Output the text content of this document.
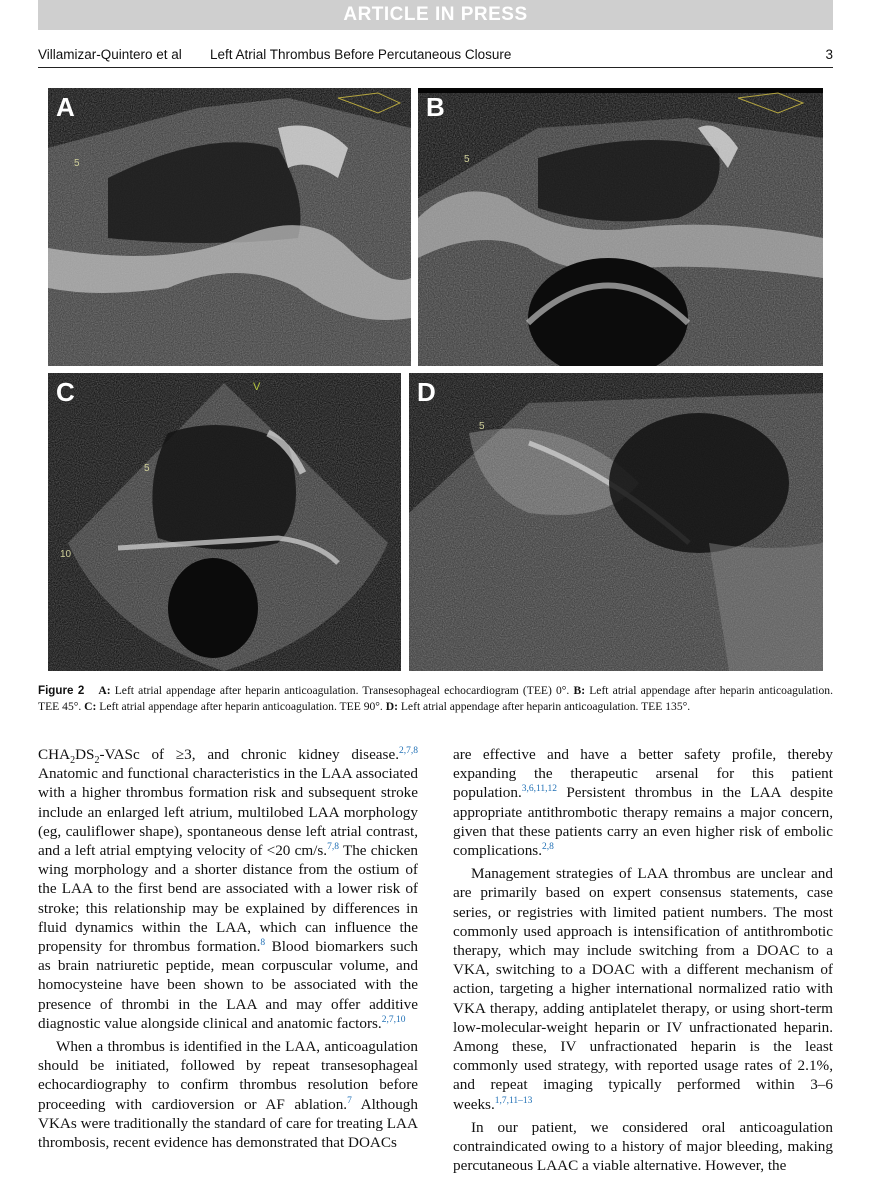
ARTICLE IN PRESS
Villamizar-Quintero et al Left Atrial Thrombus Before Percutaneous Closure	3
A
5
B
5
C	V
5
10
D
5
Figure 2 A: Left atrial appendage after heparin anticoagulation. Transesophageal echocardiogram (TEE) 0°. B: Left atrial appendage after heparin anticoagulation. TEE 45°. C: Left atrial appendage after heparin anticoagulation. TEE 90°. D: Left atrial appendage after heparin anticoagulation. TEE 135°.

$CHA_2DS_2$-VASc of ≥3, and chronic kidney disease.$^{2,7,8}$ Anatomic and functional characteristics in the LAA associated with a higher thrombus formation risk and subsequent stroke include an enlarged left atrium, multilobed LAA morphology (eg, cauliflower shape), spontaneous dense left atrial contrast, and a left atrial emptying velocity of <20 cm/s.$^{7,8}$ The chicken wing morphology and a shorter distance from the ostium of the LAA to the first bend are associated with a lower risk of stroke; this relationship may be explained by differences in fluid dynamics within the LAA, which can influence the propensity for thrombus formation.$^8$ Blood biomarkers such as brain natriuretic peptide, mean corpuscular volume, and homocysteine have been shown to be associated with the presence of thrombi in the LAA and may offer additive diagnostic value alongside clinical and anatomic factors.$^{2,7,10}$

When a thrombus is identified in the LAA, anticoagulation should be initiated, followed by repeat transesophageal echocardiography to confirm thrombus resolution before proceeding with cardioversion or AF ablation.$^7$ Although VKAs were traditionally the standard of care for treating LAA thrombosis, recent evidence has demonstrated that DOACs

are effective and have a better safety profile, thereby expanding the therapeutic arsenal for this patient population.$^{3,6,11,12}$ Persistent thrombus in the LAA despite appropriate antithrombotic therapy remains a major concern, given that these patients carry an even higher risk of embolic complications.$^{2,8}$

Management strategies of LAA thrombus are unclear and are primarily based on expert consensus statements, case series, or registries with limited patient numbers. The most commonly used approach is intensification of antithrombotic therapy, which may include switching from a DOAC to a VKA, switching to a DOAC with a different mechanism of action, targeting a higher international normalized ratio with VKA therapy, adding antiplatelet therapy, or using short-term low-molecular-weight heparin or IV unfractionated heparin. Among these, IV unfractionated heparin is the least commonly used strategy, with reported usage rates of 2.1%, and repeat imaging typically performed within 3–6 weeks.$^{1,7,11-13}$

In our patient, we considered oral anticoagulation contraindicated owing to a history of major bleeding, making percutaneous LAAC a viable alternative. However, the
